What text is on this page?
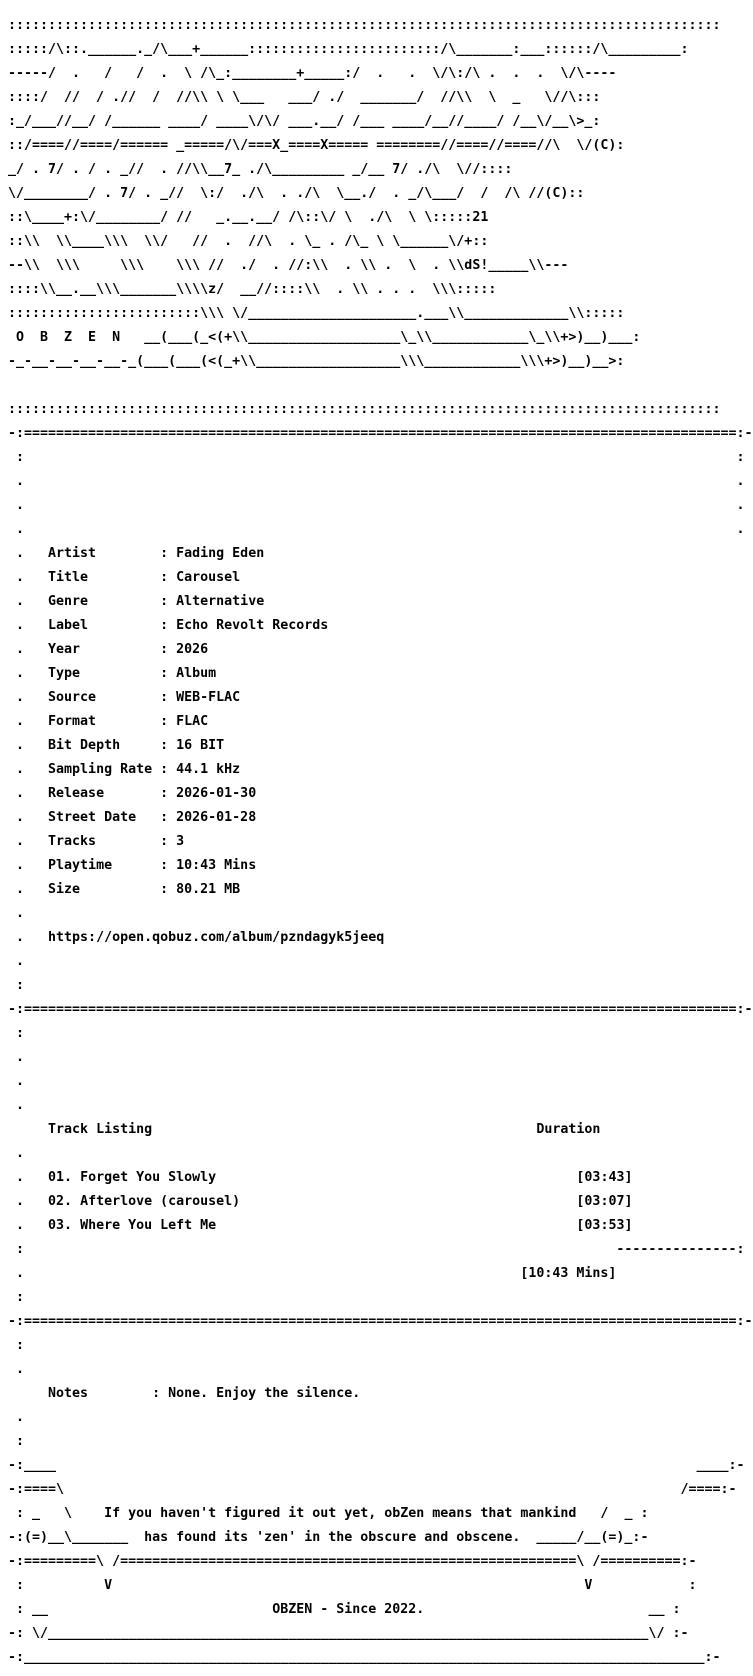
:::::::::::::::::::::::::::::::::::::::::::::::::::::::::::::::::::::::::::::::::::::::::

:::::/\::.______._/\___+______::::::::::::::::::::::::/\_______:___::::::/\_________:

-----/  .   /   /  .  \ /\_:________+_____:/  .   .  \/\:/\ .  .  .  \/\----

::::/  //  / .//  /  //\\ \ \___   ___/ ./  _______/  //\\  \  _   \//\:::

:_/___//__/ /______ ____/ ____\/\/ ___.__/ /___ ____/__//____/ /__\/__\>_:

::/====//====/====== _=====/\/===X_====X===== ========//====//====//\  \/(C):

_/ . 7/ . / . _//  . //\\__7_ ./\_________ _/__ 7/ ./\  \//::::

\/________/ . 7/ . _//  \:/  ./\  . ./\  \__./  . _/\___/  /  /\ //(C)::

::\____+:\/________/ //   _.__.__/ /\::\/ \  ./\  \ \:::::21

::\\  \\____\\\  \\/   //  .  //\  . \_ . /\_ \ \______\/+::

--\\  \\\     \\\    \\\ //  ./  . //:\\  . \\ .  \  . \\dS!_____\\---

::::\\__.__\\\_______\\\\z/  __//::::\\  . \\ . . .  \\\:::::

::::::::::::::::::::::::\\\ \/_____________________.___\\_____________\\:::::

O  B  Z  E  N   __(___(_<(+\\___________________\_\\____________\_\\+>)__)___:

-_-__-__-__-__-_(___(___(<(_+\\__________________\\\____________\\\+>)__)__>:

:::::::::::::::::::::::::::::::::::::::::::::::::::::::::::::::::::::::::::::::::::::::::

-:=========================================================================================:-

:                                                                                         :

.                                                                                         .

.                                                                                         .

.                                                                                         .

.   Artist	: Fading Eden

.   Title	: Carousel

.   Genre	: Alternative

.   Label	: Echo Revolt Records

.   Year	: 2026

.   Type	: Album

.   Source	: WEB-FLAC

.   Format	: FLAC

.   Bit Depth	: 16 BIT

.   Sampling Rate : 44.1 kHz

.   Release	: 2026-01-30

.   Street Date : 2026-01-28

.   Tracks	: 3

.   Playtime	: 10:43 Mins

.   Size	: 80.21 MB

.

.   https://open.qobuz.com/album/pzndagyk5jeeq

.

:

-:=========================================================================================:-

:

.

.

.

Track Listing	Duration

.

.   01. Forget You Slowly	[03:43]

.   02. Afterlove (carousel)	[03:07]

.   03. Where You Left Me	[03:53]

:                                                                          ---------------:

.                                                              [10:43 Mins]

:

-:=========================================================================================:-

:

.

Notes	: None. Enjoy the silence.

.

:

-:____                                                                                ____:-

-:====\                                                                             /====:-

: _   \    If you haven't figured it out yet, obZen means that mankind   /  _ :

-:(=)__\_______  has found its 'zen' in the obscure and obscene.  _____/__(=)_:-

-:=========\ /=========================================================\ /==========:-

:          V                                                           V            :

: __                            OBZEN - Since 2022.                            __ :

-: \/___________________________________________________________________________\/ :-

-:_____________________________________________________________________________________:-
